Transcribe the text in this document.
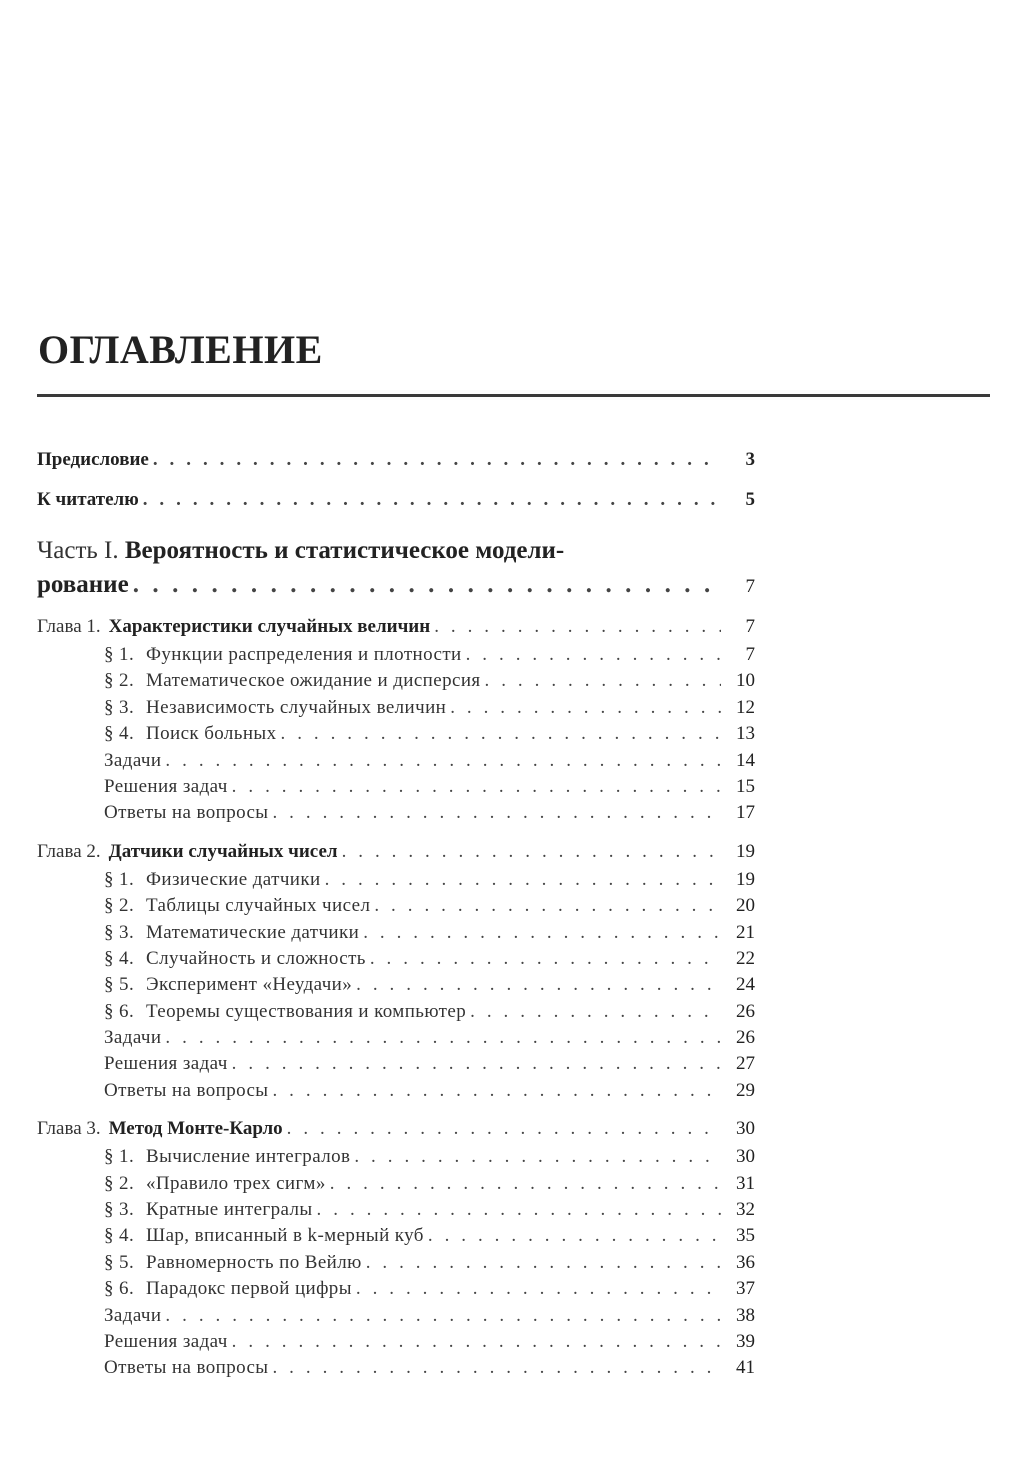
ОГЛАВЛЕНИЕ
Предисловие . . .	3
К читателю . . .	5
Часть I. Вероятность и статистическое модели-
рование . . .	7
Глава 1. Характеристики случайных величин . . .	7
§ 1. Функции распределения и плотности . . .	7
§ 2. Математическое ожидание и дисперсия . . .	10
§ 3. Независимость случайных величин . . .	12
§ 4. Поиск больных . . .	13
Задачи . . .	14
Решения задач . . .	15
Ответы на вопросы . . .	17
Глава 2. Датчики случайных чисел . . .	19
§ 1. Физические датчики . . .	19
§ 2. Таблицы случайных чисел . . .	20
§ 3. Математические датчики . . .	21
§ 4. Случайность и сложность . . .	22
§ 5. Эксперимент «Неудачи» . . .	24
§ 6. Теоремы существования и компьютер . . .	26
Задачи . . .	26
Решения задач . . .	27
Ответы на вопросы . . .	29
Глава 3. Метод Монте-Карло . . .	30
§ 1. Вычисление интегралов . . .	30
§ 2. «Правило трех сигм» . . .	31
§ 3. Кратные интегралы . . .	32
§ 4. Шар, вписанный в k-мерный куб . . .	35
§ 5. Равномерность по Вейлю . . .	36
§ 6. Парадокс первой цифры . . .	37
Задачи . . .	38
Решения задач . . .	39
Ответы на вопросы . . .	41
